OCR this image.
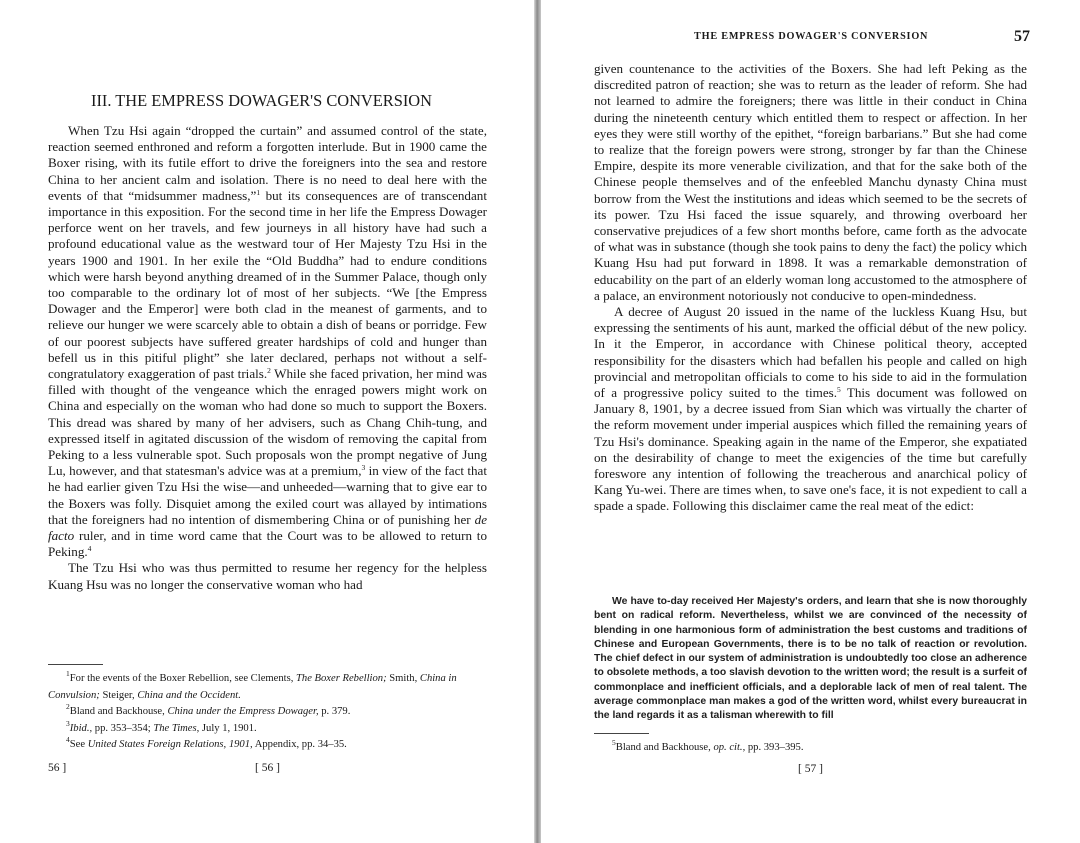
III. THE EMPRESS DOWAGER'S CONVERSION

When Tzu Hsi again “dropped the curtain” and assumed control of the state, reaction seemed enthroned and reform a forgotten interlude. But in 1900 came the Boxer rising, with its futile effort to drive the foreigners into the sea and restore China to her ancient calm and isolation. There is no need to deal here with the events of that “midsummer madness,”$^1$ but its consequences are of transcendant importance in this exposition. For the second time in her life the Empress Dowager perforce went on her travels, and few journeys in all history have had such a profound educational value as the westward tour of Her Majesty Tzu Hsi in the years 1900 and 1901. In her exile the “Old Buddha” had to endure conditions which were harsh beyond anything dreamed of in the Summer Palace, though only too comparable to the ordinary lot of most of her subjects. “We [the Empress Dowager and the Emperor] were both clad in the meanest of garments, and to relieve our hunger we were scarcely able to obtain a dish of beans or porridge. Few of our poorest subjects have suffered greater hardships of cold and hunger than befell us in this pitiful plight” she later declared, perhaps not without a self-congratulatory exaggeration of past trials.$^2$ While she faced privation, her mind was filled with thought of the vengeance which the enraged powers might work on China and especially on the woman who had done so much to support the Boxers. This dread was shared by many of her advisers, such as Chang Chih-tung, and expressed itself in agitated discussion of the wisdom of removing the capital from Peking to a less vulnerable spot. Such proposals won the prompt negative of Jung Lu, however, and that statesman's advice was at a premium,$^3$ in view of the fact that he had earlier given Tzu Hsi the wise—and unheeded—warning that to give ear to the Boxers was folly. Disquiet among the exiled court was allayed by intimations that the foreigners had no intention of dismembering China or of punishing her de facto ruler, and in time word came that the Court was to be allowed to return to Peking.$^4$

The Tzu Hsi who was thus permitted to resume her regency for the helpless Kuang Hsu was no longer the conservative woman who had

$^1$For the events of the Boxer Rebellion, see Clements, The Boxer Rebellion; Smith, China in Convulsion; Steiger, China and the Occident.
$^2$Bland and Backhouse, China under the Empress Dowager, p. 379.
$^3$Ibid., pp. 353–354; The Times, July 1, 1901.
$^4$See United States Foreign Relations, 1901, Appendix, pp. 34–35.
56 ]	[ 56 ]
THE EMPRESS DOWAGER'S CONVERSION	57

given countenance to the activities of the Boxers. She had left Peking as the discredited patron of reaction; she was to return as the leader of reform. She had not learned to admire the foreigners; there was little in their conduct in China during the nineteenth century which entitled them to respect or affection. In her eyes they were still worthy of the epithet, “foreign barbarians.” But she had come to realize that the foreign powers were strong, stronger by far than the Chinese Empire, despite its more venerable civilization, and that for the sake both of the Chinese people themselves and of the enfeebled Manchu dynasty China must borrow from the West the institutions and ideas which seemed to be the secrets of its power. Tzu Hsi faced the issue squarely, and throwing overboard her conservative prejudices of a few short months before, came forth as the advocate of what was in substance (though she took pains to deny the fact) the policy which Kuang Hsu had put forward in 1898. It was a remarkable demonstration of educability on the part of an elderly woman long accustomed to the atmosphere of a palace, an environment notoriously not conducive to open-mindedness.

A decree of August 20 issued in the name of the luckless Kuang Hsu, but expressing the sentiments of his aunt, marked the official début of the new policy. In it the Emperor, in accordance with Chinese political theory, accepted responsibility for the disasters which had befallen his people and called on high provincial and metropolitan officials to come to his side to aid in the formulation of a progressive policy suited to the times.$^5$ This document was followed on January 8, 1901, by a decree issued from Sian which was virtually the charter of the reform movement under imperial auspices which filled the remaining years of Tzu Hsi's dominance. Speaking again in the name of the Emperor, she expatiated on the desirability of change to meet the exigencies of the time but carefully foreswore any intention of following the treacherous and anarchical policy of Kang Yu-wei. There are times when, to save one's face, it is not expedient to call a spade a spade. Following this disclaimer came the real meat of the edict:

We have to-day received Her Majesty's orders, and learn that she is now thoroughly bent on radical reform. Nevertheless, whilst we are convinced of the necessity of blending in one harmonious form of administration the best customs and traditions of Chinese and European Governments, there is to be no talk of reaction or revolution. The chief defect in our system of administration is undoubtedly too close an adherence to obsolete methods, a too slavish devotion to the written word; the result is a surfeit of commonplace and inefficient officials, and a deplorable lack of men of real talent. The average commonplace man makes a god of the written word, whilst every bureaucrat in the land regards it as a talisman wherewith to fill

$^5$Bland and Backhouse, op. cit., pp. 393–395.
[ 57 ]
